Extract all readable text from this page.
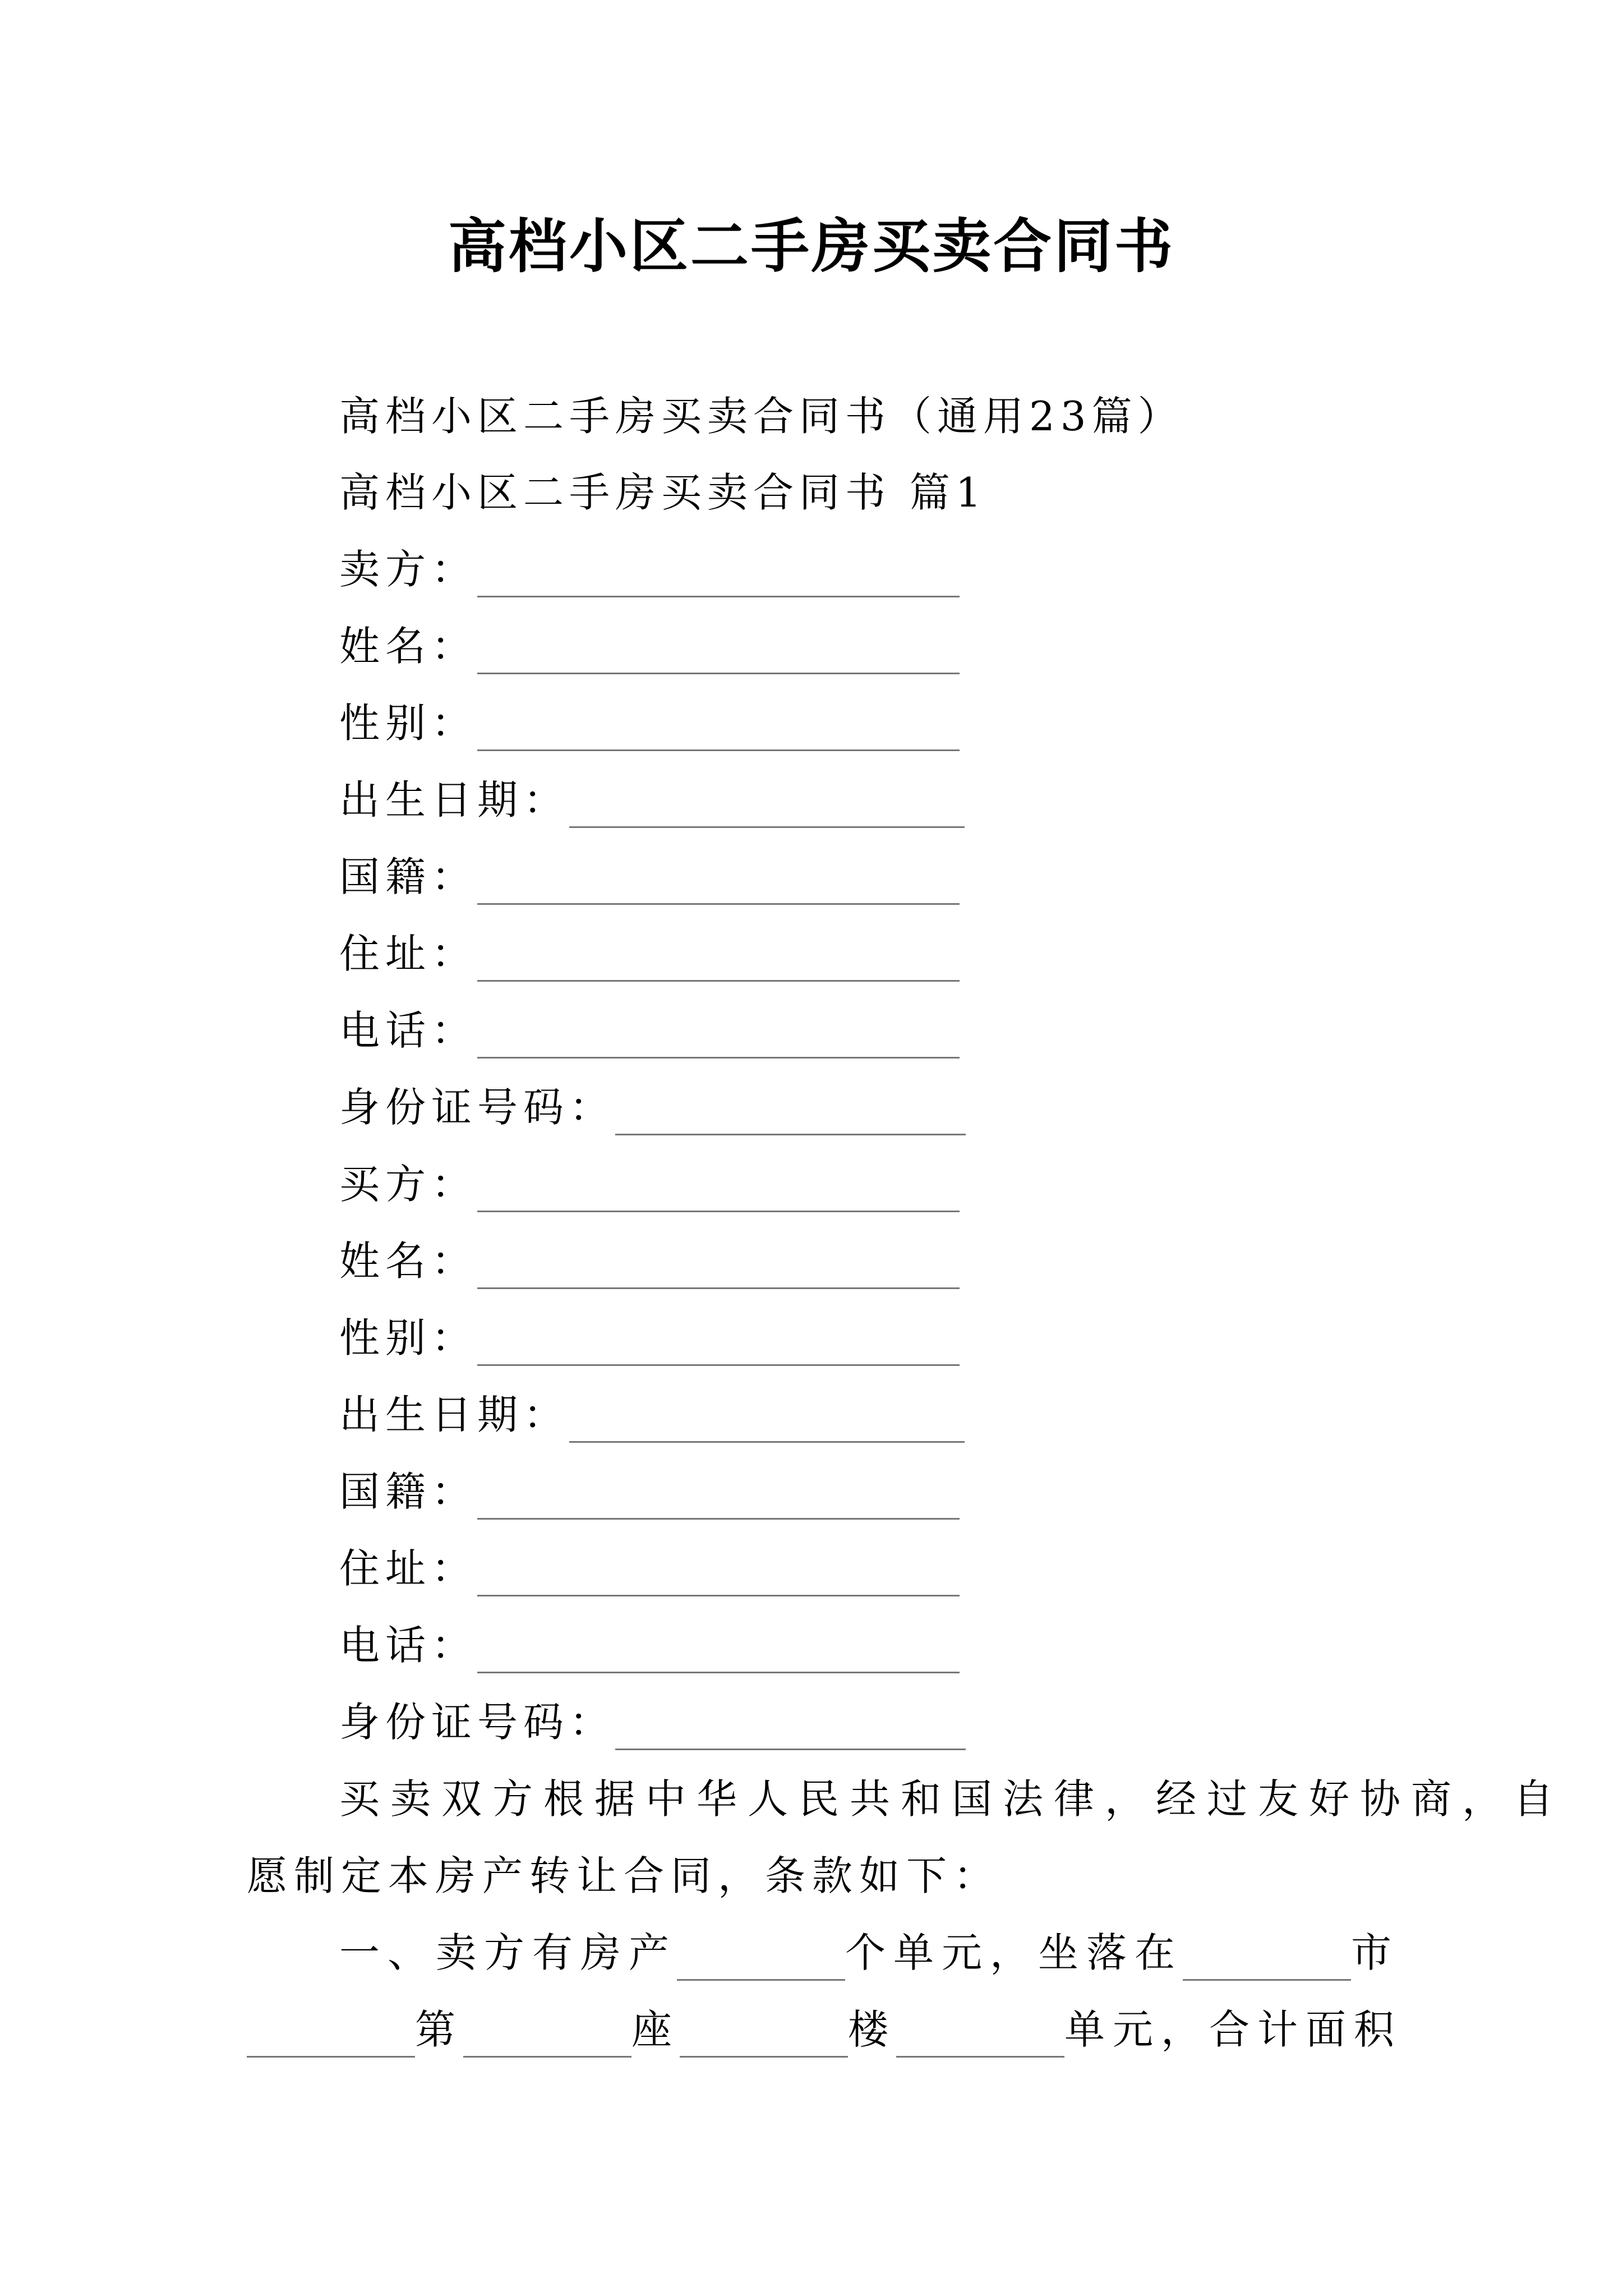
高档小区二手房买卖合同书
高档小区二手房买卖合同书（通用23篇）
高档小区二手房买卖合同书 篇1
卖方：
姓名：
性别：
出生日期：
国籍：
住址：
电话：
身份证号码：
买方：
姓名：
性别：
出生日期：
国籍：
住址：
电话：
身份证号码：
买卖双方根据中华人民共和国法律，经过友好协商，自
愿制定本房产转让合同，条款如下：
一、卖方有房产	个单元，坐落在	市
第	座	楼	单元，合计面积
